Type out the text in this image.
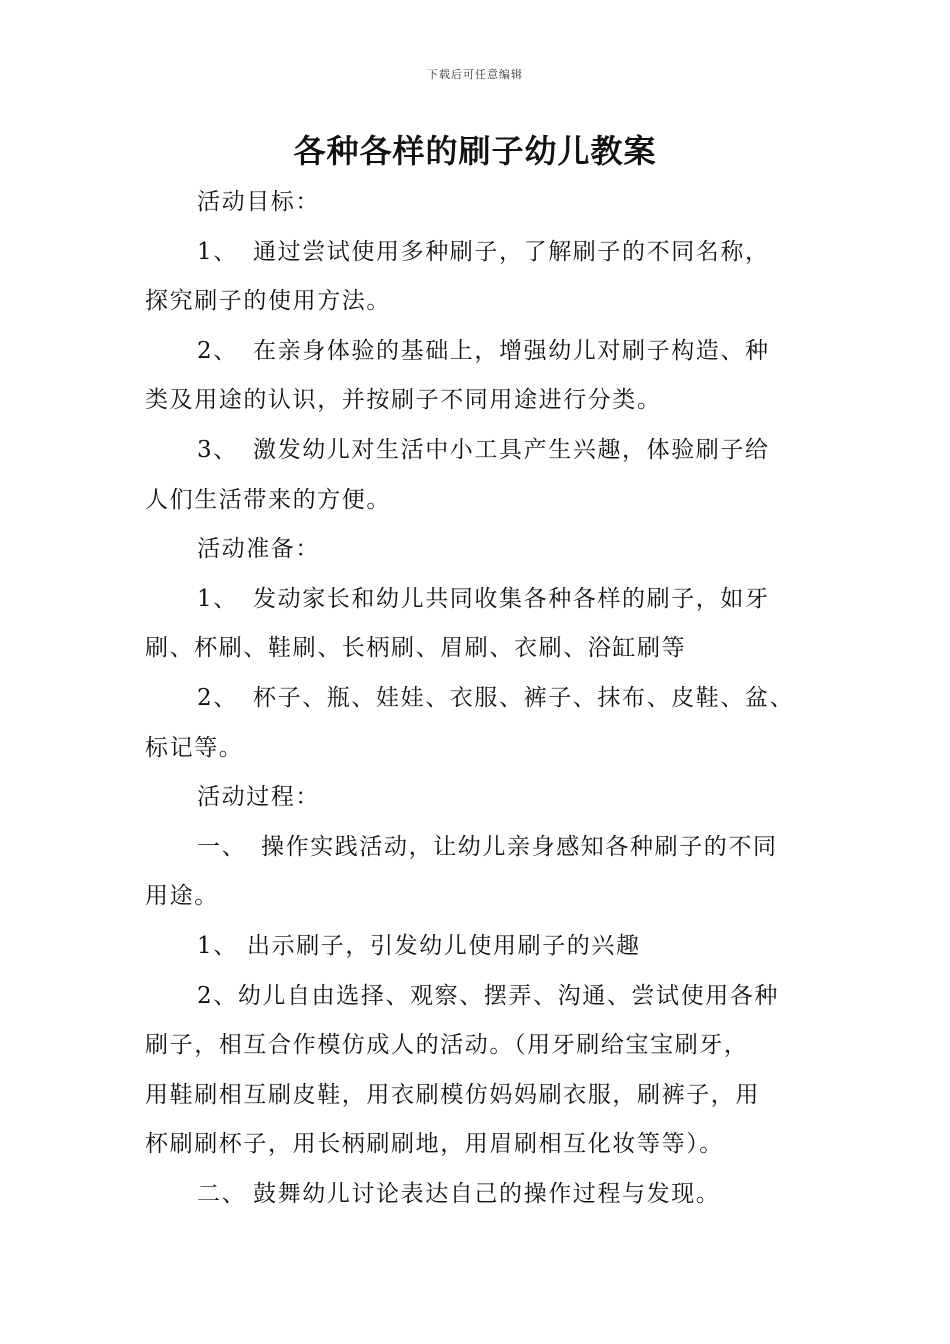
下载后可任意编辑
各种各样的刷子幼儿教案
活动目标：
1、 通过尝试使用多种刷子，了解刷子的不同名称，
探究刷子的使用方法。
2、 在亲身体验的基础上，增强幼儿对刷子构造、种
类及用途的认识，并按刷子不同用途进行分类。
3、 激发幼儿对生活中小工具产生兴趣，体验刷子给
人们生活带来的方便。
活动准备：
1、 发动家长和幼儿共同收集各种各样的刷子，如牙
刷、杯刷、鞋刷、长柄刷、眉刷、衣刷、浴缸刷等
2、 杯子、瓶、娃娃、衣服、裤子、抹布、皮鞋、盆、
标记等。
活动过程：
一、 操作实践活动，让幼儿亲身感知各种刷子的不同
用途。
1、 出示刷子，引发幼儿使用刷子的兴趣
2、幼儿自由选择、观察、摆弄、沟通、尝试使用各种
刷子，相互合作模仿成人的活动。（用牙刷给宝宝刷牙，
用鞋刷相互刷皮鞋，用衣刷模仿妈妈刷衣服，刷裤子，用
杯刷刷杯子，用长柄刷刷地，用眉刷相互化妆等等）。
二、 鼓舞幼儿讨论表达自己的操作过程与发现。
